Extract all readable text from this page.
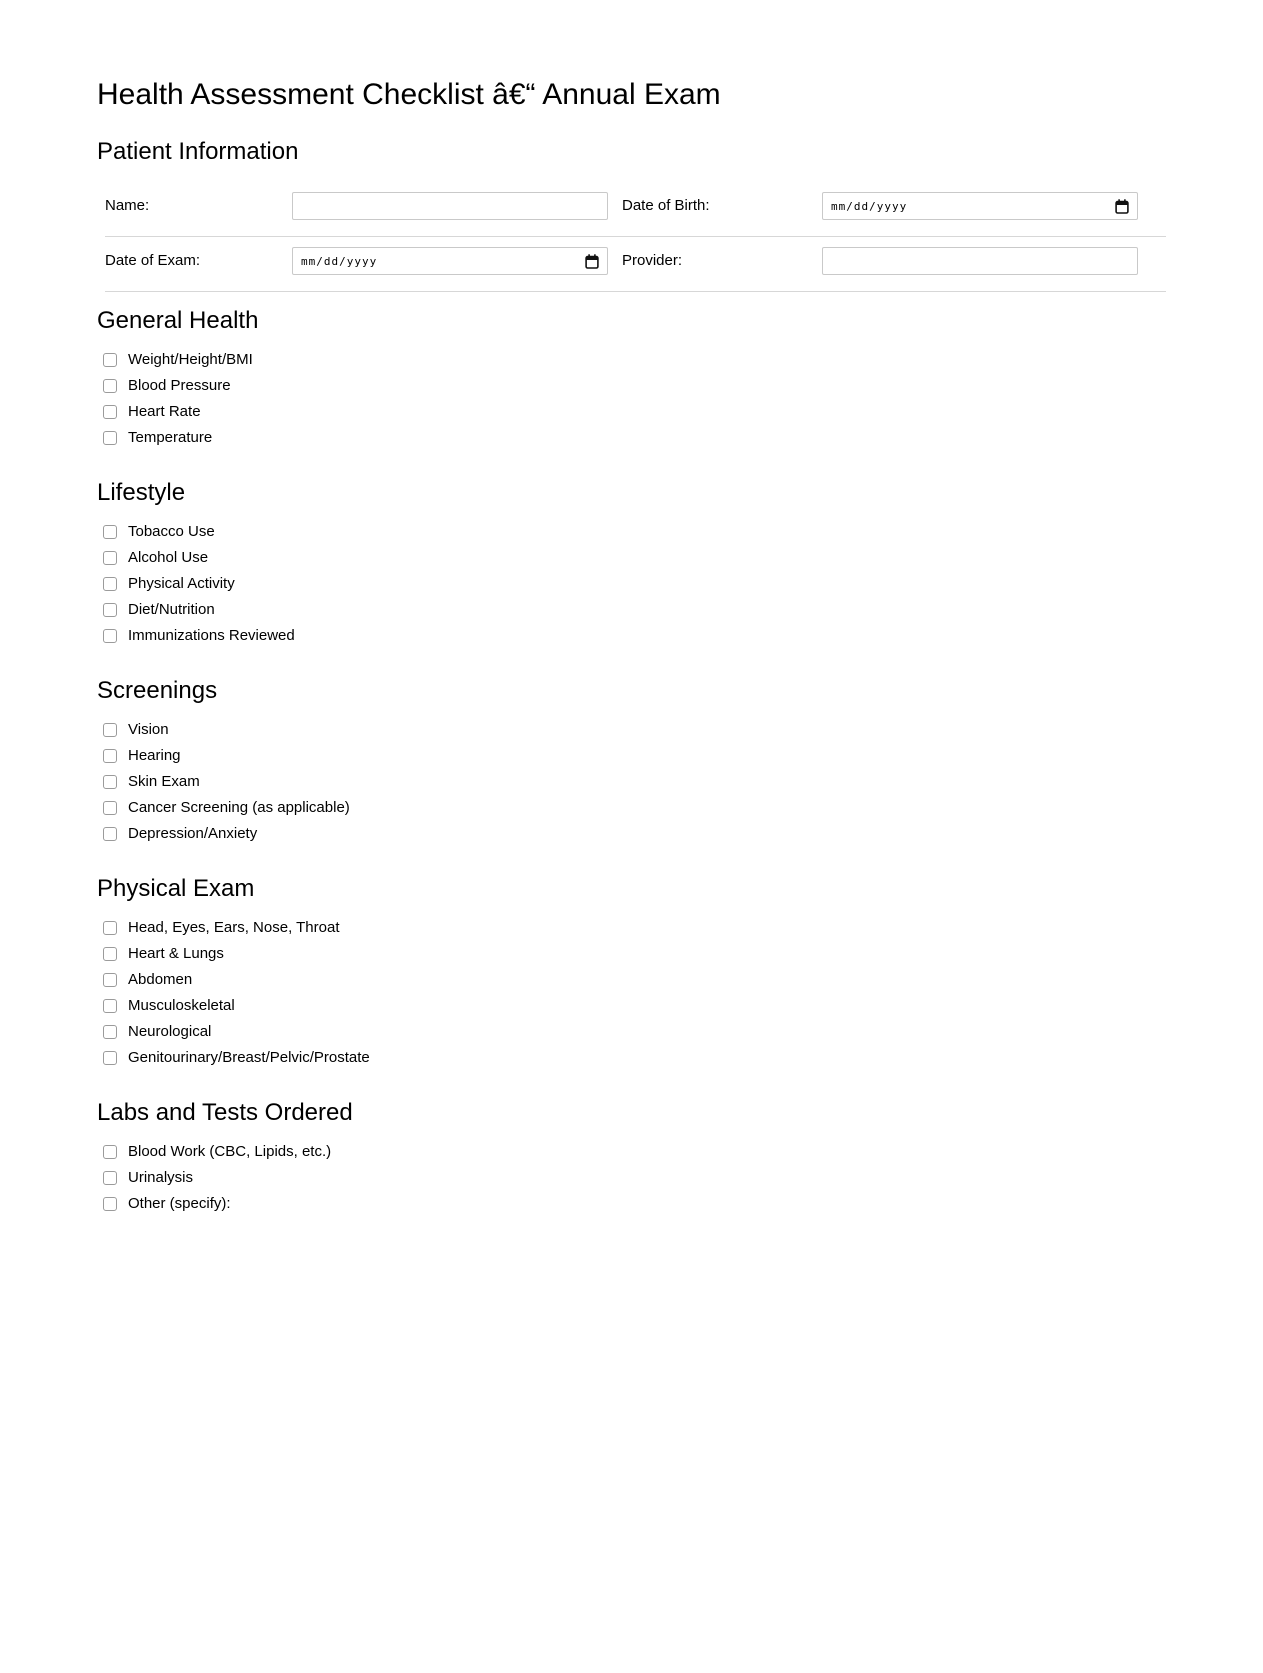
Health Assessment Checklist â€“ Annual Exam
Patient Information
Name:		Date of Birth:	mm/dd/yyyy

Date of Exam:	mm/dd/yyyy	Provider:	
General Health
Weight/Height/BMI
Blood Pressure
Heart Rate
Temperature
Lifestyle
Tobacco Use
Alcohol Use
Physical Activity
Diet/Nutrition
Immunizations Reviewed
Screenings
Vision
Hearing
Skin Exam
Cancer Screening (as applicable)
Depression/Anxiety
Physical Exam
Head, Eyes, Ears, Nose, Throat
Heart & Lungs
Abdomen
Musculoskeletal
Neurological
Genitourinary/Breast/Pelvic/Prostate
Labs and Tests Ordered
Blood Work (CBC, Lipids, etc.)
Urinalysis
Other (specify):
